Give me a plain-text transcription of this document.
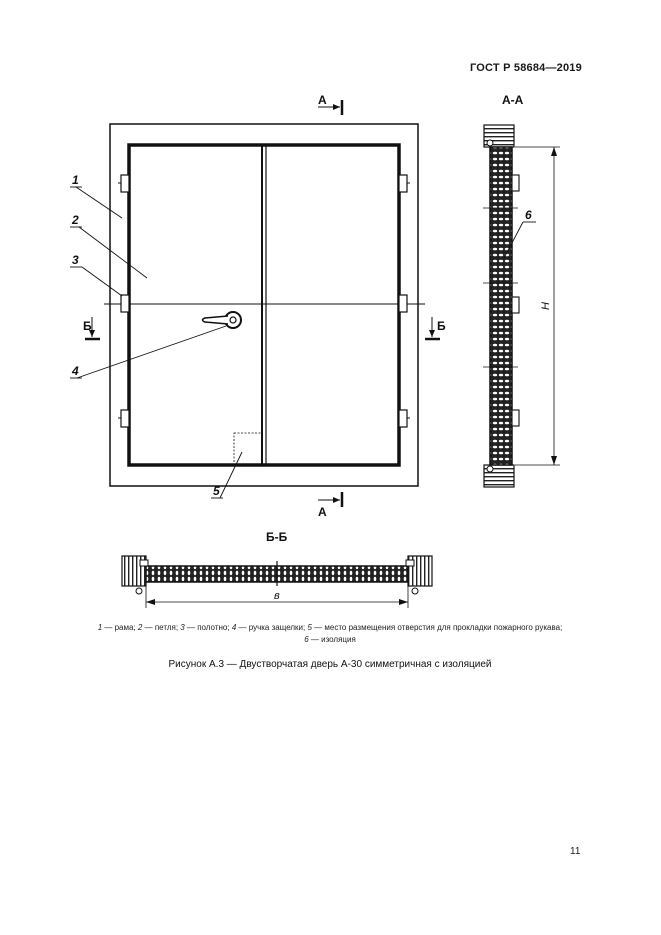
ГОСТ Р 58684—2019
1
2
3
4
5
А
А
Б	Б
А-А
6
Н
Б-Б
в
1 — рама; 2 — петля; 3 — полотно; 4 — ручка защелки; 5 — место размещения отверстия для прокладки пожарного рукава;
6 — изоляция
Рисунок А.3 — Двустворчатая дверь А-30 симметричная с изоляцией
11
